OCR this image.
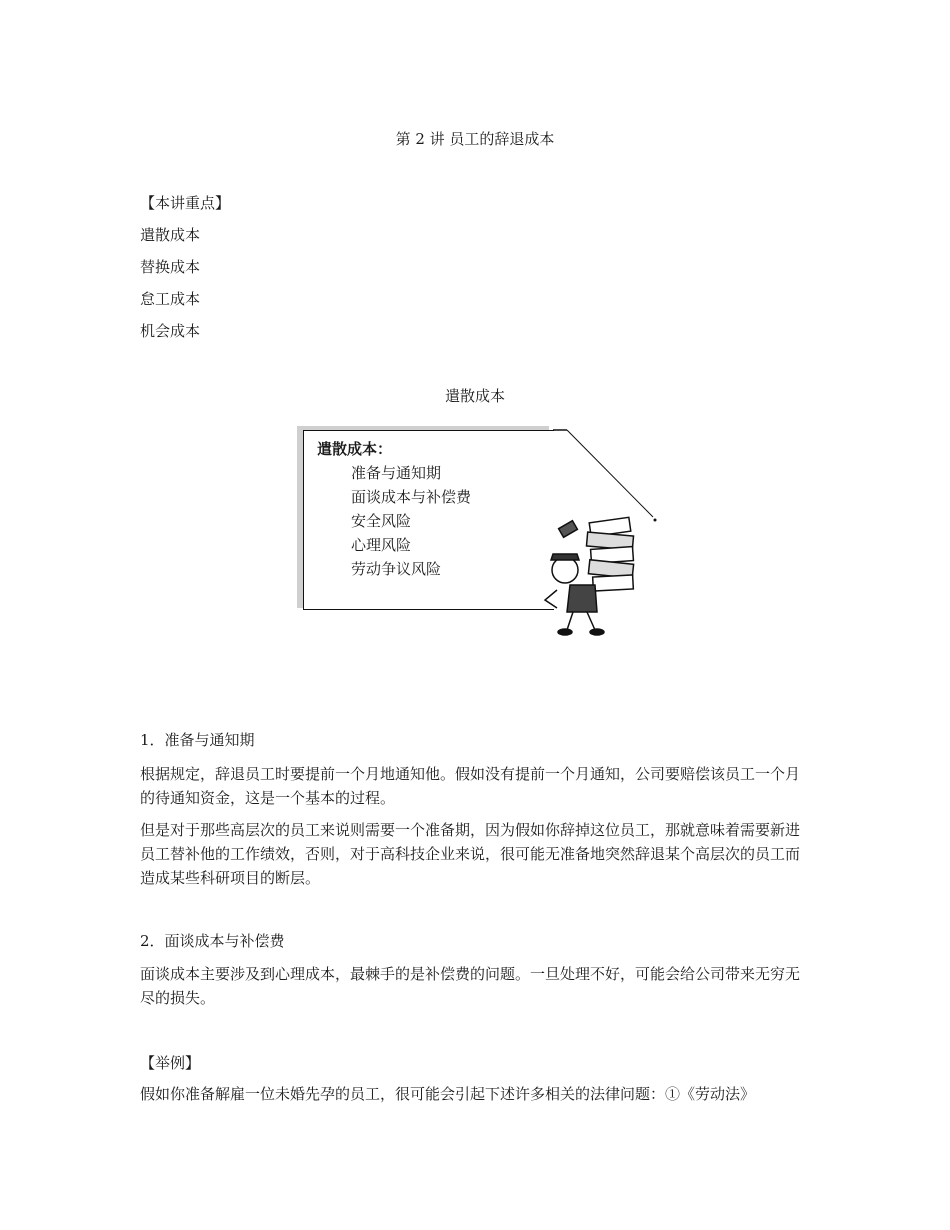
第 2 讲 员工的辞退成本
【本讲重点】
遣散成本
替换成本
怠工成本
机会成本
遣散成本
遣散成本：
准备与通知期
面谈成本与补偿费
安全风险
心理风险
劳动争议风险
1．准备与通知期
根据规定，辞退员工时要提前一个月地通知他。假如没有提前一个月通知，公司要赔偿该员工一个月的待通知资金，这是一个基本的过程。
但是对于那些高层次的员工来说则需要一个准备期，因为假如你辞掉这位员工，那就意味着需要新进员工替补他的工作绩效，否则，对于高科技企业来说，很可能无准备地突然辞退某个高层次的员工而造成某些科研项目的断层。
2．面谈成本与补偿费
面谈成本主要涉及到心理成本，最棘手的是补偿费的问题。一旦处理不好，可能会给公司带来无穷无尽的损失。
【举例】
假如你准备解雇一位未婚先孕的员工，很可能会引起下述许多相关的法律问题：①《劳动法》
